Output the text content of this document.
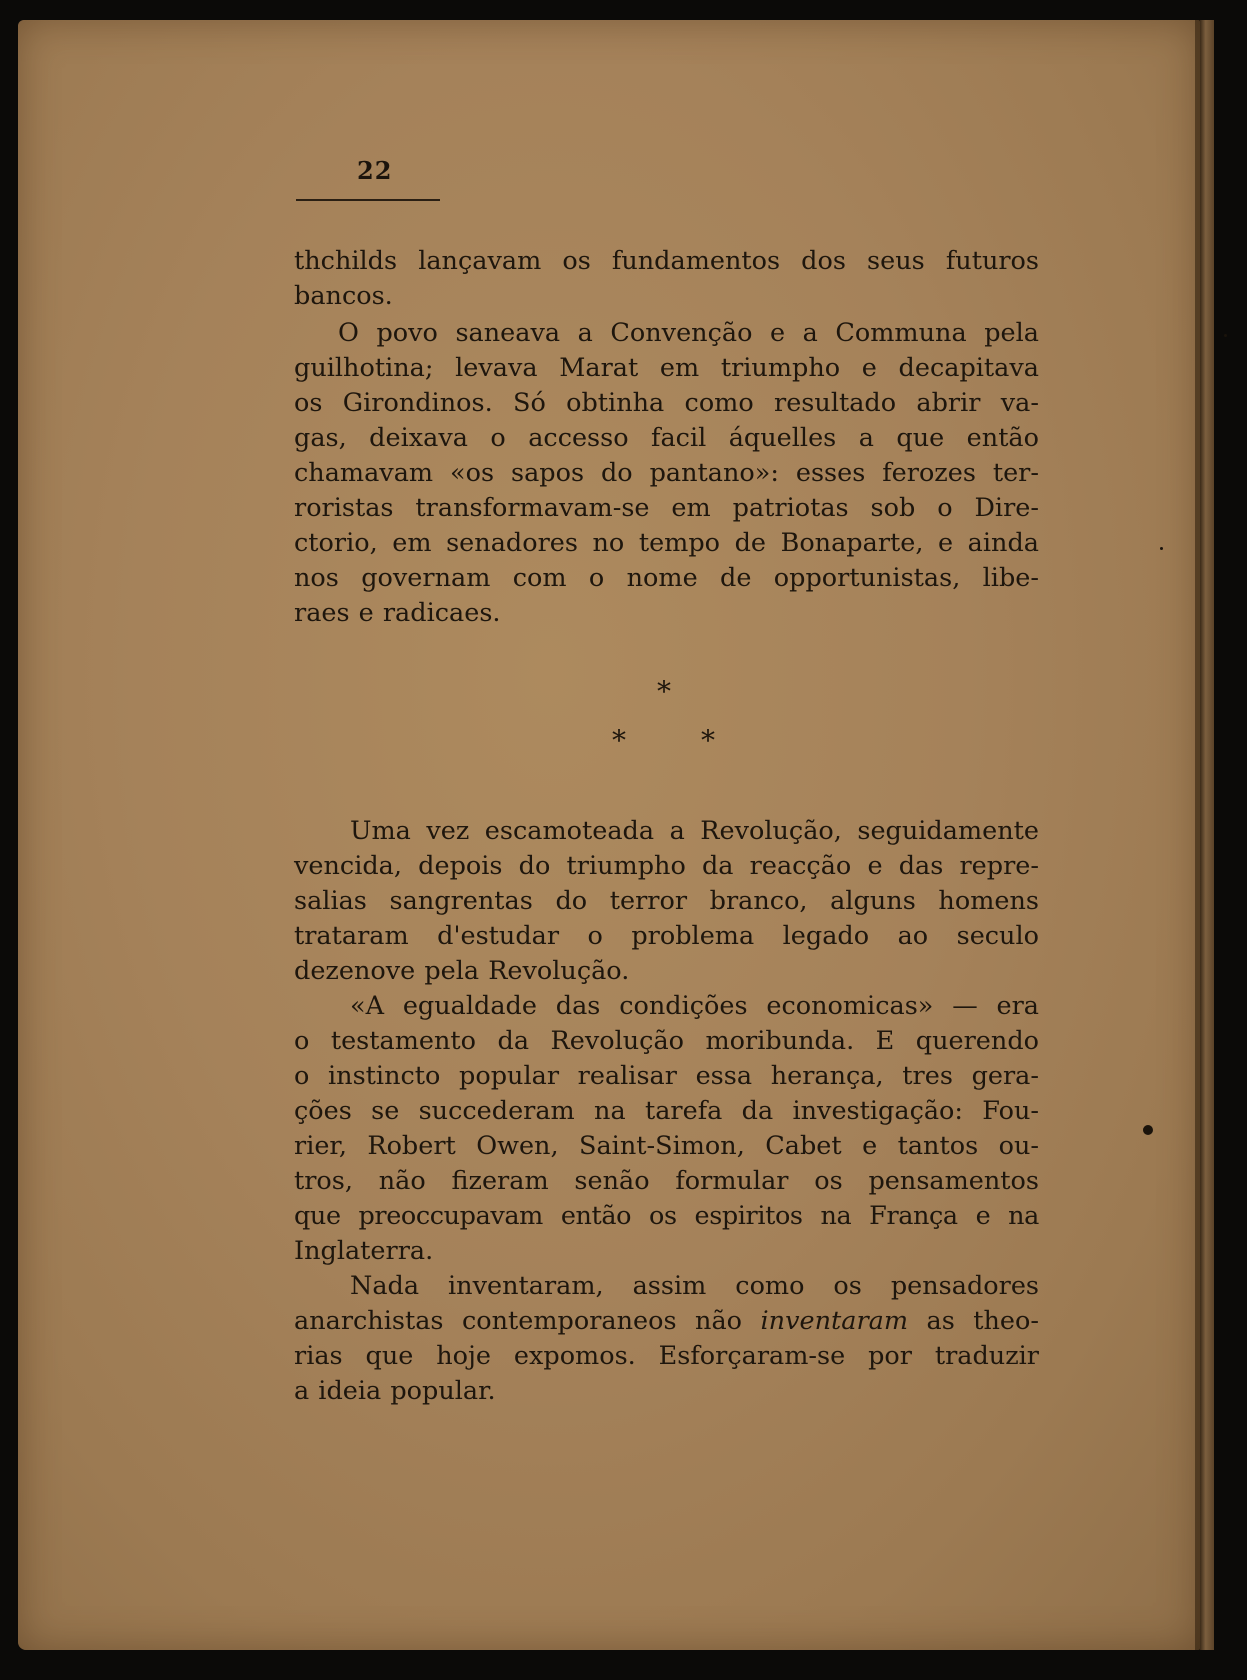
22
thchilds lançavam os fundamentos dos seus futuros
bancos.
O povo saneava a Convenção e a Communa pela
guilhotina; levava Marat em triumpho e decapitava
os Girondinos. Só obtinha como resultado abrir va-
gas, deixava o accesso facil áquelles a que então
chamavam «os sapos do pantano»: esses ferozes ter-
roristas transformavam-se em patriotas sob o Dire-
ctorio, em senadores no tempo de Bonaparte, e ainda
nos governam com o nome de opportunistas, libe-
raes e radicaes.
*
*	*
Uma vez escamoteada a Revolução, seguidamente
vencida, depois do triumpho da reacção e das repre-
salias sangrentas do terror branco, alguns homens
trataram d'estudar o problema legado ao seculo
dezenove pela Revolução.
«A egualdade das condições economicas» — era
o testamento da Revolução moribunda. E querendo
o instincto popular realisar essa herança, tres gera-
ções se succederam na tarefa da investigação: Fou-
rier, Robert Owen, Saint-Simon, Cabet e tantos ou-
tros, não fizeram senão formular os pensamentos
que preoccupavam então os espiritos na França e na
Inglaterra.
Nada inventaram, assim como os pensadores
anarchistas contemporaneos não inventaram as theo-
rias que hoje expomos. Esforçaram-se por traduzir
a ideia popular.
